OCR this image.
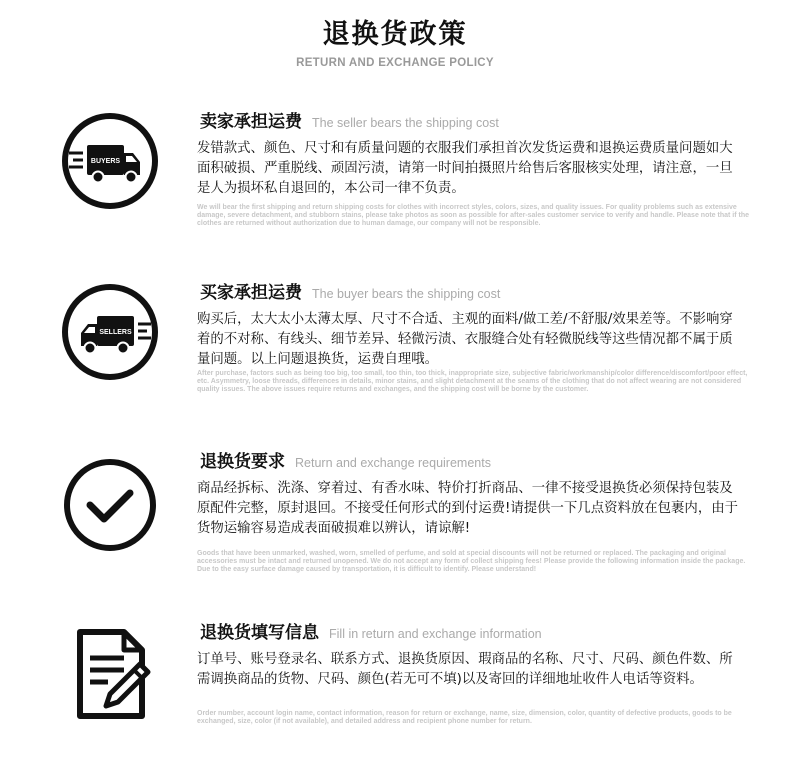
退换货政策
RETURN AND EXCHANGE POLICY
BUYERS
卖家承担运费 The seller bears the shipping cost
发错款式、颜色、尺寸和有质量问题的衣服我们承担首次发货运费和退换运费质量问题如大面积破损、严重脱线、顽固污渍，请第一时间拍摄照片给售后客服核实处理，请注意，一旦是人为损坏私自退回的，本公司一律不负责。
We will bear the first shipping and return shipping costs for clothes with incorrect styles, colors, sizes, and quality issues. For quality problems such as extensive damage, severe detachment, and stubborn stains, please take photos as soon as possible for after-sales customer service to verify and handle. Please note that if the clothes are returned without authorization due to human damage, our company will not be responsible.
SELLERS
买家承担运费 The buyer bears the shipping cost
购买后，太大太小太薄太厚、尺寸不合适、主观的面料/做工差/不舒服/效果差等。不影响穿着的不对称、有线头、细节差异、轻微污渍、衣服缝合处有轻微脱线等这些情况都不属于质量问题。以上问题退换货，运费自理哦。
After purchase, factors such as being too big, too small, too thin, too thick, inappropriate size, subjective fabric/workmanship/color difference/discomfort/poor effect, etc. Asymmetry, loose threads, differences in details, minor stains, and slight detachment at the seams of the clothing that do not affect wearing are not considered quality issues. The above issues require returns and exchanges, and the shipping cost will be borne by the customer.
退换货要求 Return and exchange requirements
商品经拆标、洗涤、穿着过、有香水味、特价打折商品、一律不接受退换货必须保持包装及原配件完整，原封退回。不接受任何形式的到付运费!请提供一下几点资料放在包裹内，由于货物运输容易造成表面破损难以辨认，请谅解!
Goods that have been unmarked, washed, worn, smelled of perfume, and sold at special discounts will not be returned or replaced. The packaging and original accessories must be intact and returned unopened. We do not accept any form of collect shipping fees! Please provide the following information inside the package. Due to the easy surface damage caused by transportation, it is difficult to identify. Please understand!
退换货填写信息 Fill in return and exchange information
订单号、账号登录名、联系方式、退换货原因、瑕商品的名称、尺寸、尺码、颜色件数、所需调换商品的货物、尺码、颜色(若无可不填)以及寄回的详细地址收件人电话等资料。
Order number, account login name, contact information, reason for return or exchange, name, size, dimension, color, quantity of defective products, goods to be exchanged, size, color (if not available), and detailed address and recipient phone number for return.
